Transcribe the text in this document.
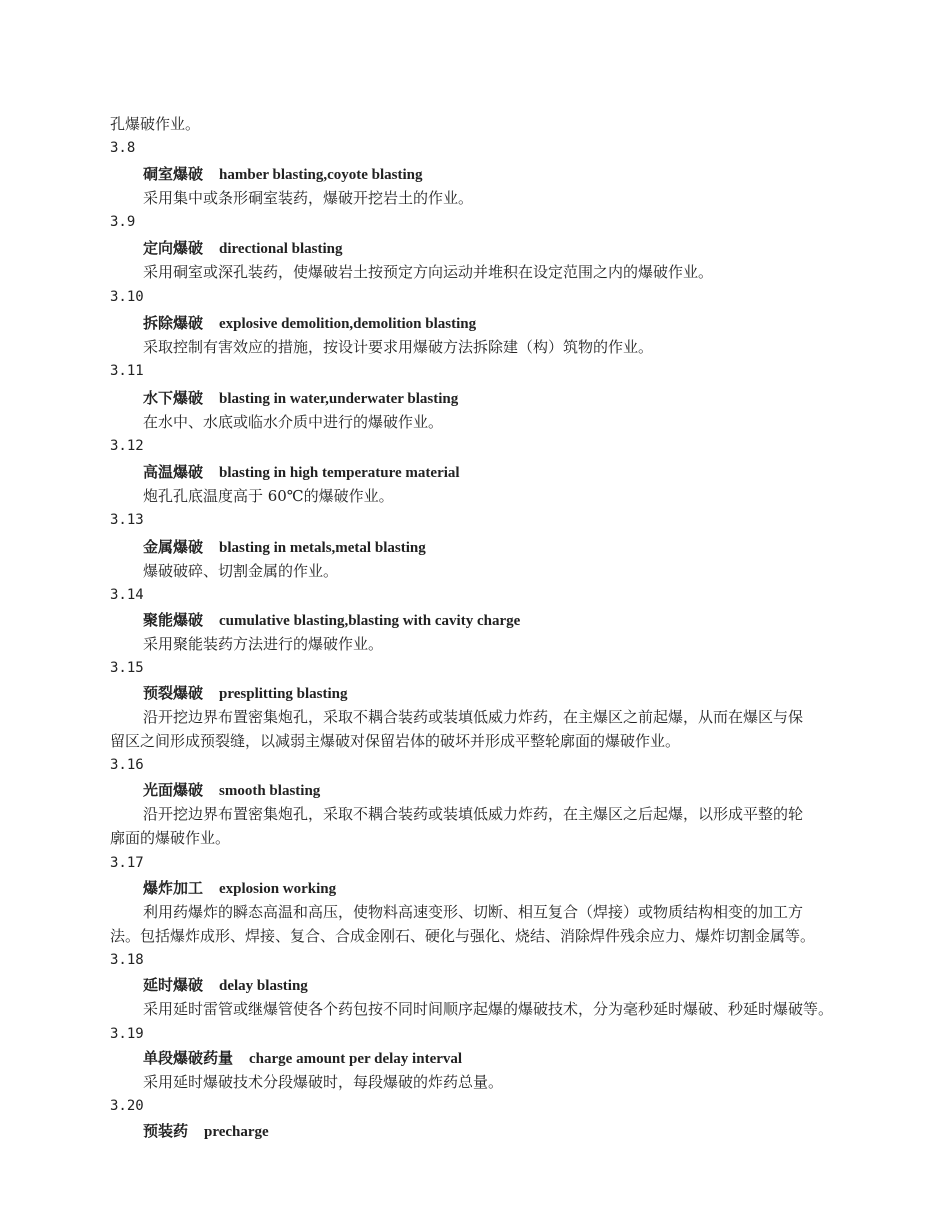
孔爆破作业。
3.8
硐室爆破 hamber blasting,coyote blasting
采用集中或条形硐室装药，爆破开挖岩土的作业。
3.9
定向爆破 directional blasting
采用硐室或深孔装药，使爆破岩土按预定方向运动并堆积在设定范围之内的爆破作业。
3.10
拆除爆破 explosive demolition,demolition blasting
采取控制有害效应的措施，按设计要求用爆破方法拆除建（构）筑物的作业。
3.11
水下爆破 blasting in water,underwater blasting
在水中、水底或临水介质中进行的爆破作业。
3.12
高温爆破 blasting in high temperature material
炮孔孔底温度高于 60℃的爆破作业。
3.13
金属爆破 blasting in metals,metal blasting
爆破破碎、切割金属的作业。
3.14
聚能爆破 cumulative blasting,blasting with cavity charge
采用聚能装药方法进行的爆破作业。
3.15
预裂爆破 presplitting blasting
沿开挖边界布置密集炮孔，采取不耦合装药或装填低威力炸药，在主爆区之前起爆，从而在爆区与保
留区之间形成预裂缝，以减弱主爆破对保留岩体的破坏并形成平整轮廓面的爆破作业。
3.16
光面爆破 smooth blasting
沿开挖边界布置密集炮孔，采取不耦合装药或装填低威力炸药，在主爆区之后起爆，以形成平整的轮
廓面的爆破作业。
3.17
爆炸加工 explosion working
利用药爆炸的瞬态高温和高压，使物料高速变形、切断、相互复合（焊接）或物质结构相变的加工方
法。包括爆炸成形、焊接、复合、合成金刚石、硬化与强化、烧结、消除焊件残余应力、爆炸切割金属等。
3.18
延时爆破 delay blasting
采用延时雷管或继爆管使各个药包按不同时间顺序起爆的爆破技术，分为毫秒延时爆破、秒延时爆破等。
3.19
单段爆破药量 charge amount per delay interval
采用延时爆破技术分段爆破时，每段爆破的炸药总量。
3.20
预装药 precharge
